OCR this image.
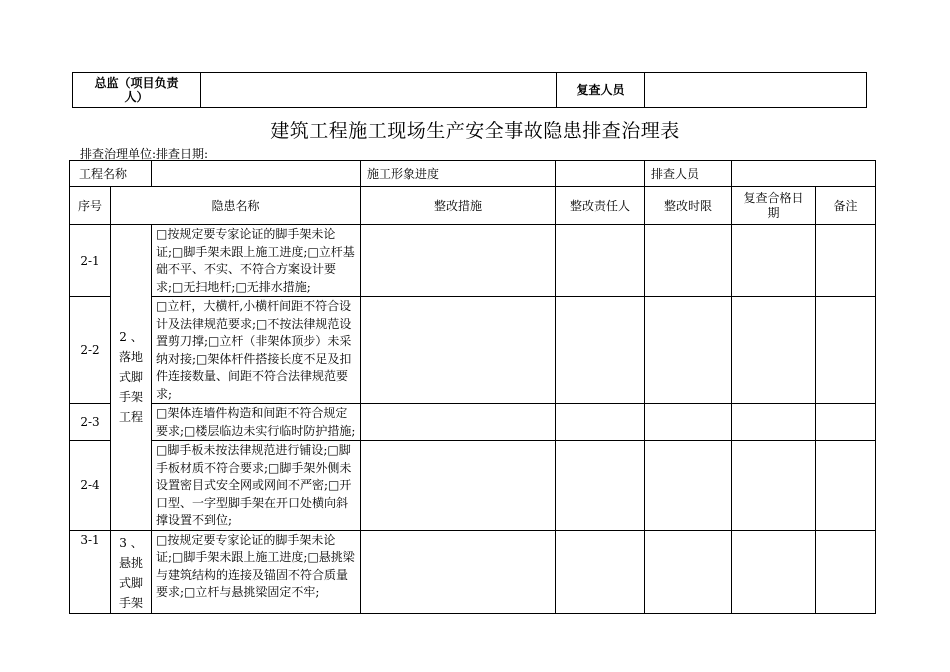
总监（项目负责人）		复查人员	
建筑工程施工现场生产安全事故隐患排查治理表
排查治理单位:排查日期:
工程名称			施工形象进度		排查人员		
序号	隐患名称		整改措施	整改责任人	整改时限	复查合格日期	备注
2-1	2 、落地式脚手架工程	□按规定要专家论证的脚手架未论证;□脚手架未跟上施工进度;□立杆基础不平、不实、不符合方案设计要求;□无扫地杆;□无排水措施;					
2-2		□立杆，大横杆,小横杆间距不符合设计及法律规范要求;□不按法律规范设置剪刀撑;□立杆（非架体顶步）未采纳对接;□架体杆件搭接长度不足及扣件连接数量、间距不符合法律规范要求;					
2-3		□架体连墙件构造和间距不符合规定要求;□楼层临边未实行临时防护措施;					
2-4		□脚手板未按法律规范进行铺设;□脚手板材质不符合要求;□脚手架外侧未设置密目式安全网或网间不严密;□开口型、一字型脚手架在开口处横向斜撑设置不到位;					
3-1	3 、悬挑式脚手架	□按规定要专家论证的脚手架未论证;□脚手架未跟上施工进度;□悬挑梁与建筑结构的连接及锚固不符合质量要求;□立杆与悬挑梁固定不牢;					
